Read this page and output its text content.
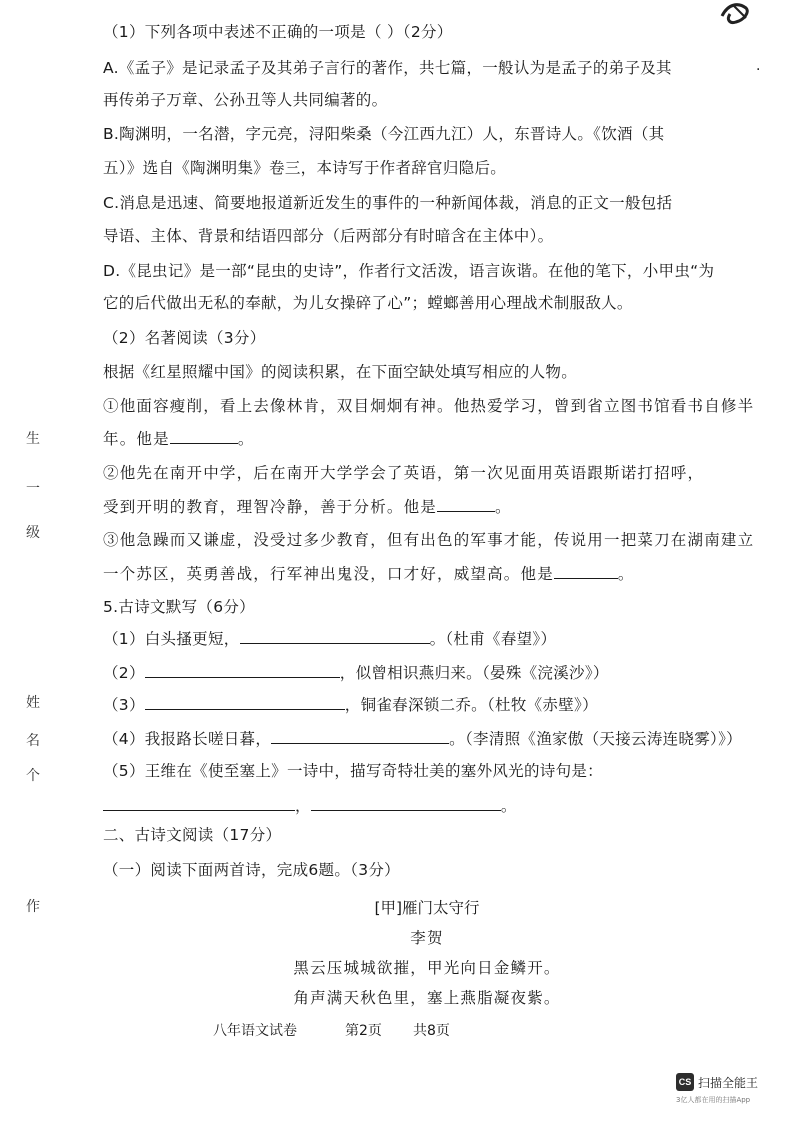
（1）下列各项中表述不正确的一项是（ ）（2分）
A.《孟子》是记录孟子及其弟子言行的著作，共七篇，一般认为是孟子的弟子及其	·
再传弟子万章、公孙丑等人共同编著的。
B.陶渊明，一名潜，字元亮，浔阳柴桑（今江西九江）人，东晋诗人。《饮酒（其
五）》选自《陶渊明集》卷三，本诗写于作者辞官归隐后。
C.消息是迅速、简要地报道新近发生的事件的一种新闻体裁，消息的正文一般包括
导语、主体、背景和结语四部分（后两部分有时暗含在主体中）。
D.《昆虫记》是一部“昆虫的史诗”，作者行文活泼，语言诙谐。在他的笔下，小甲虫“为
它的后代做出无私的奉献，为儿女操碎了心”；螳螂善用心理战术制服敌人。
（2）名著阅读（3分）
根据《红星照耀中国》的阅读积累，在下面空缺处填写相应的人物。
①他面容瘦削，看上去像林肯，双目炯炯有神。他热爱学习，曾到省立图书馆看书自修半
年。他是	。
②他先在南开中学，后在南开大学学会了英语，第一次见面用英语跟斯诺打招呼，
受到开明的教育，理智冷静，善于分析。他是	。
③他急躁而又谦虚，没受过多少教育，但有出色的军事才能，传说用一把菜刀在湖南建立
一个苏区，英勇善战，行军神出鬼没，口才好，威望高。他是	。
5.古诗文默写（6分）
（1）白头搔更短，	。（杜甫《春望》）
（2）	，似曾相识燕归来。（晏殊《浣溪沙》）
（3）	，铜雀春深锁二乔。（杜牧《赤壁》）
（4）我报路长嗟日暮，	。（李清照《渔家傲（天接云涛连晓雾）》）
（5）王维在《使至塞上》一诗中，描写奇特壮美的塞外风光的诗句是：
，	。
二、古诗文阅读（17分）
（一）阅读下面两首诗，完成6题。（3分）
[甲]雁门太守行
李贺
黑云压城城欲摧，甲光向日金鳞开。
角声满天秋色里，塞上燕脂凝夜紫。
八年语文试卷	第2页 共8页
生
一
级
姓
名
个
作
CS 扫描全能王
3亿人都在用的扫描App
